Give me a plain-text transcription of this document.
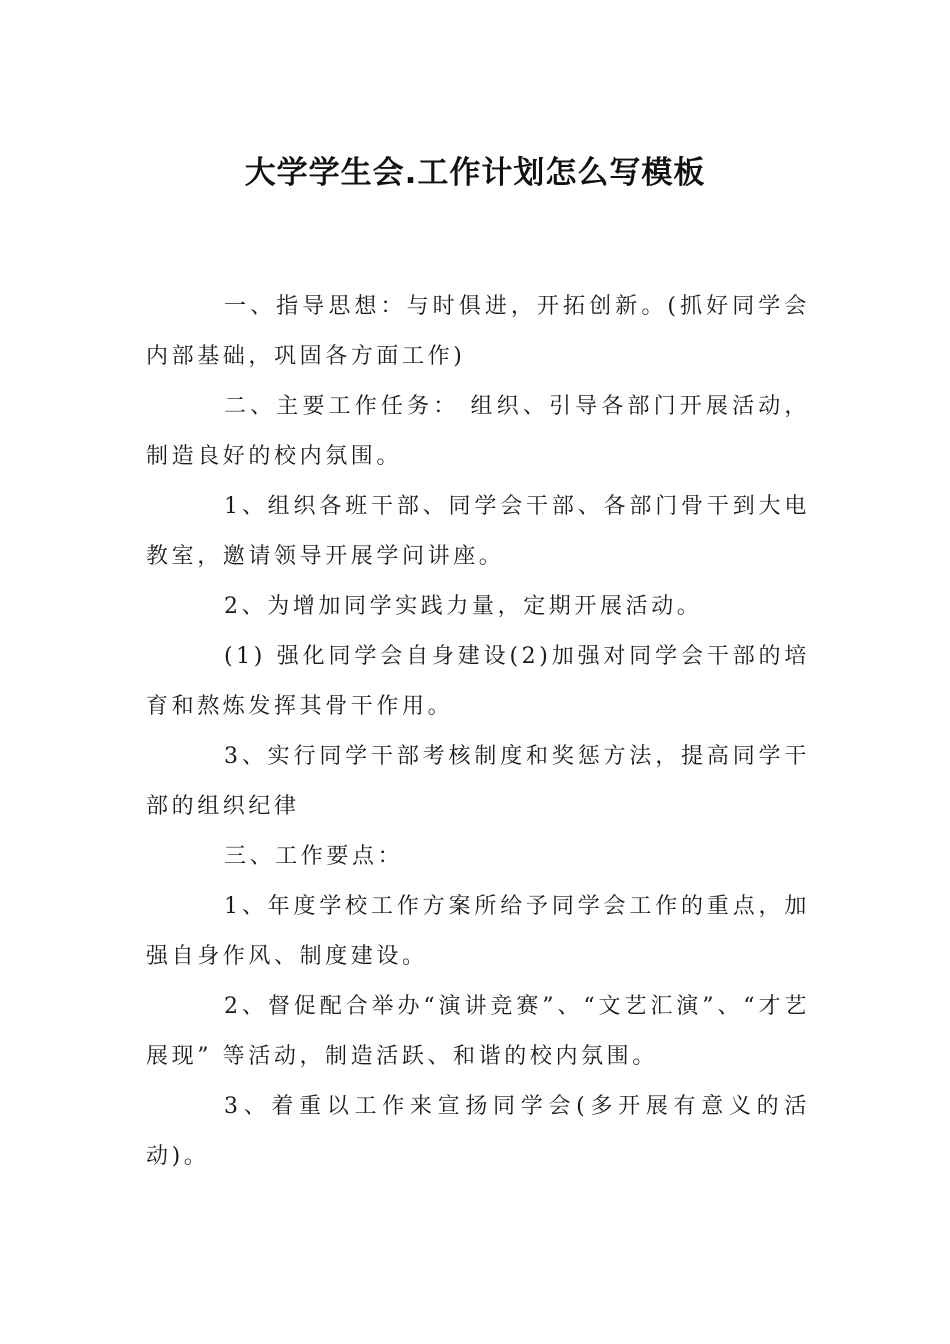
大学学生会.工作计划怎么写模板

一、指导思想：与时俱进，开拓创新。(抓好同学会内部基础，巩固各方面工作)

二、主要工作任务： 组织、引导各部门开展活动，制造良好的校内氛围。

1、组织各班干部、同学会干部、各部门骨干到大电教室，邀请领导开展学问讲座。

2、为增加同学实践力量，定期开展活动。

(1) 强化同学会自身建设(2)加强对同学会干部的培育和熬炼发挥其骨干作用。

3、实行同学干部考核制度和奖惩方法，提高同学干部的组织纪律

三、工作要点：

1、年度学校工作方案所给予同学会工作的重点，加强自身作风、制度建设。

2、督促配合举办“演讲竞赛”、“文艺汇演”、“才艺展现” 等活动，制造活跃、和谐的校内氛围。

3、着重以工作来宣扬同学会(多开展有意义的活动)。
